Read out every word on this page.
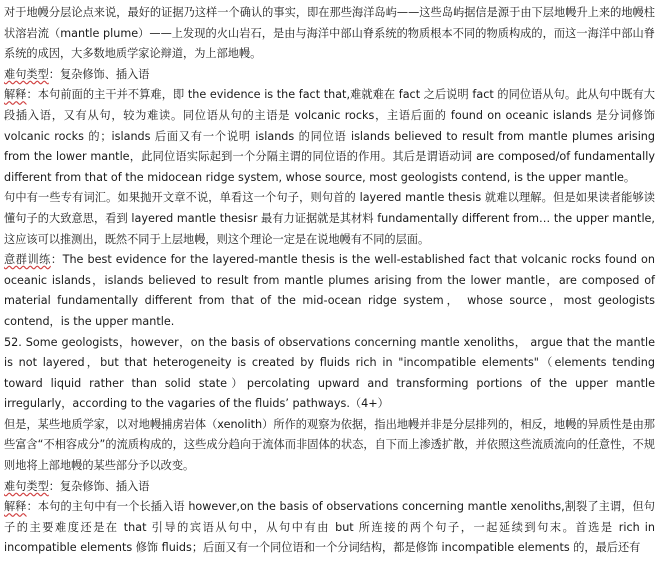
对于地幔分层论点来说，最好的证据乃这样一个确认的事实，即在那些海洋岛屿——这些岛屿据信是源于由下层地幔升上来的地幔柱状溶岩流（mantle plume）——上发现的火山岩石，是由与海洋中部山脊系统的物质根本不同的物质构成的，而这一海洋中部山脊系统的成因，大多数地质学家论辩道，为上部地幔。

难句类型：复杂修饰、插入语

解释：本句前面的主干并不算难，即 the evidence is the fact that,难就难在 fact 之后说明 fact 的同位语从句。此从句中既有大段插入语，又有从句，较为难读。同位语从句的主语是 volcanic rocks，主语后面的 found on oceanic islands 是分词修饰 volcanic rocks 的；islands 后面又有一个说明 islands 的同位语 islands believed to result from mantle plumes arising from the lower mantle，此同位语实际起到一个分隔主谓的同位语的作用。其后是谓语动词 are composed/of fundamentally different from that of the midocean ridge system, whose source, most geologists contend, is the upper mantle。

句中有一些专有词汇。如果抛开文章不说，单看这一个句子，则句首的 layered mantle thesis 就难以理解。但是如果读者能够读懂句子的大致意思，看到 layered mantle thesisr 最有力证据就是其材料 fundamentally different from… the upper mantle,这应该可以推测出，既然不同于上层地幔，则这个理论一定是在说地幔有不同的层面。

意群训练：The best evidence for the layered-mantle thesis is the well-established fact that volcanic rocks found on oceanic islands，islands believed to result from mantle plumes arising from the lower mantle，are composed of material fundamentally different from that of the mid-ocean ridge system， whose source，most geologists contend，is the upper mantle.

52. Some geologists，however，on the basis of observations concerning mantle xenoliths， argue that the mantle is not layered，but that heterogeneity is created by fluids rich in "incompatible elements"（elements tending toward liquid rather than solid state）percolating upward and transforming portions of the upper mantle irregularly，according to the vagaries of the fluids’ pathways.（4+）

但是，某些地质学家，以对地幔捕虏岩体（xenolith）所作的观察为依据，指出地幔并非是分层排列的，相反，地幔的异质性是由那些富含“不相容成分”的流质构成的，这些成分趋向于流体而非固体的状态，自下而上渗透扩散，并依照这些流质流向的任意性，不规则地将上部地幔的某些部分予以改变。

难句类型：复杂修饰、插入语

解释：本句的主句中有一个长插入语 however,on the basis of observations concerning mantle xenoliths,割裂了主谓，但句子的主要难度还是在 that 引导的宾语从句中，从句中有由 but 所连接的两个句子，一起延续到句末。首选是 rich in incompatible elements 修饰 fluids；后面又有一个同位语和一个分词结构，都是修饰 incompatible elements 的，最后还有
